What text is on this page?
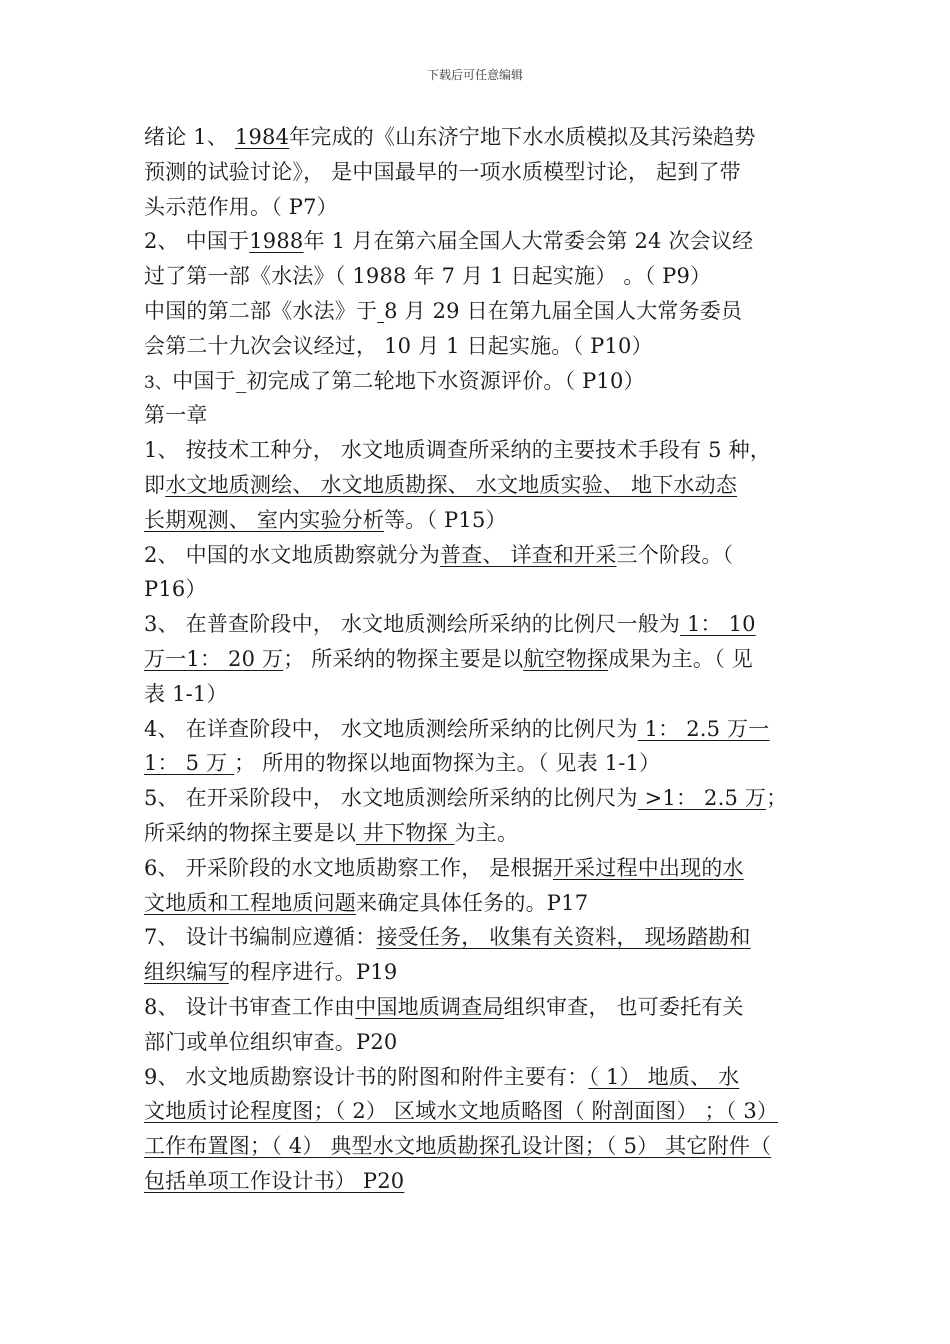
下载后可任意编辑
绪论 1、 1984年完成的《山东济宁地下水水质模拟及其污染趋势
预测的试验讨论》， 是中国最早的一项水质模型讨论， 起到了带
头示范作用。（ P7）
2、 中国于1988年 1 月在第六届全国人大常委会第 24 次会议经
过了第一部《水法》（ 1988 年 7 月 1 日起实施） 。（ P9）
中国的第二部《水法》于 8 月 29 日在第九届全国人大常务委员
会第二十九次会议经过， 10 月 1 日起实施。（ P10）
3、中国于_初完成了第二轮地下水资源评价。（ P10）
第一章
1、 按技术工种分， 水文地质调查所采纳的主要技术手段有 5 种，
即水文地质测绘、 水文地质勘探、 水文地质实验、 地下水动态
长期观测、 室内实验分析等。（ P15）
2、 中国的水文地质勘察就分为普查、 详查和开采三个阶段。（
P16）
3、 在普查阶段中， 水文地质测绘所采纳的比例尺一般为 1： 10
万一1： 20 万； 所采纳的物探主要是以航空物探成果为主。（ 见
表 1-1）
4、 在详查阶段中， 水文地质测绘所采纳的比例尺为 1： 2.5 万一
1： 5 万 ； 所用的物探以地面物探为主。（ 见表 1-1）
5、 在开采阶段中， 水文地质测绘所采纳的比例尺为 >1： 2.5 万；
所采纳的物探主要是以 井下物探 为主。
6、 开采阶段的水文地质勘察工作， 是根据开采过程中出现的水
文地质和工程地质问题来确定具体任务的。P17
7、 设计书编制应遵循：接受任务， 收集有关资料， 现场踏勘和
组织编写的程序进行。P19
8、 设计书审查工作由中国地质调查局组织审查， 也可委托有关
部门或单位组织审查。P20
9、 水文地质勘察设计书的附图和附件主要有：（ 1） 地质、 水
文地质讨论程度图；（ 2） 区域水文地质略图（ 附剖面图） ；（ 3）
工作布置图；（ 4） 典型水文地质勘探孔设计图；（ 5） 其它附件（
包括单项工作设计书） P20
